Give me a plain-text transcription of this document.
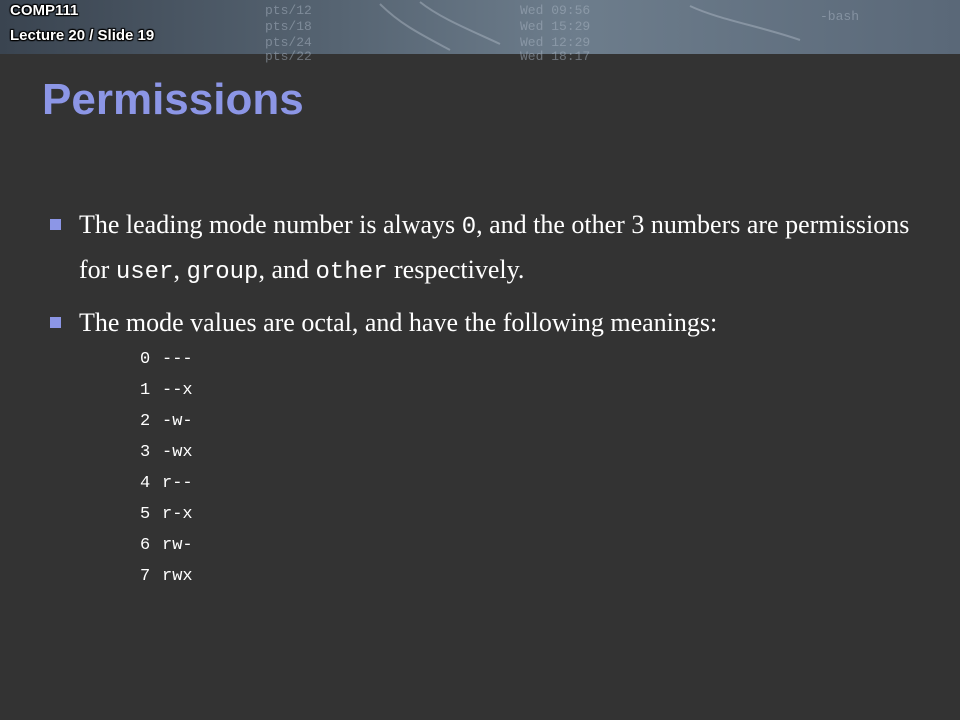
pts/12	Wed 09:56
pts/18	Wed 15:29
pts/24	Wed 12:29
pts/22	Wed 18:17
-bash
COMP111
Lecture 20 / Slide 19
Permissions
The leading mode number is always 0, and the other 3 numbers are permissions for user, group, and other respectively.
The mode values are octal, and have the following meanings:
0 ---
1 --x
2 -w-
3 -wx
4 r--
5 r-x
6 rw-
7 rwx
